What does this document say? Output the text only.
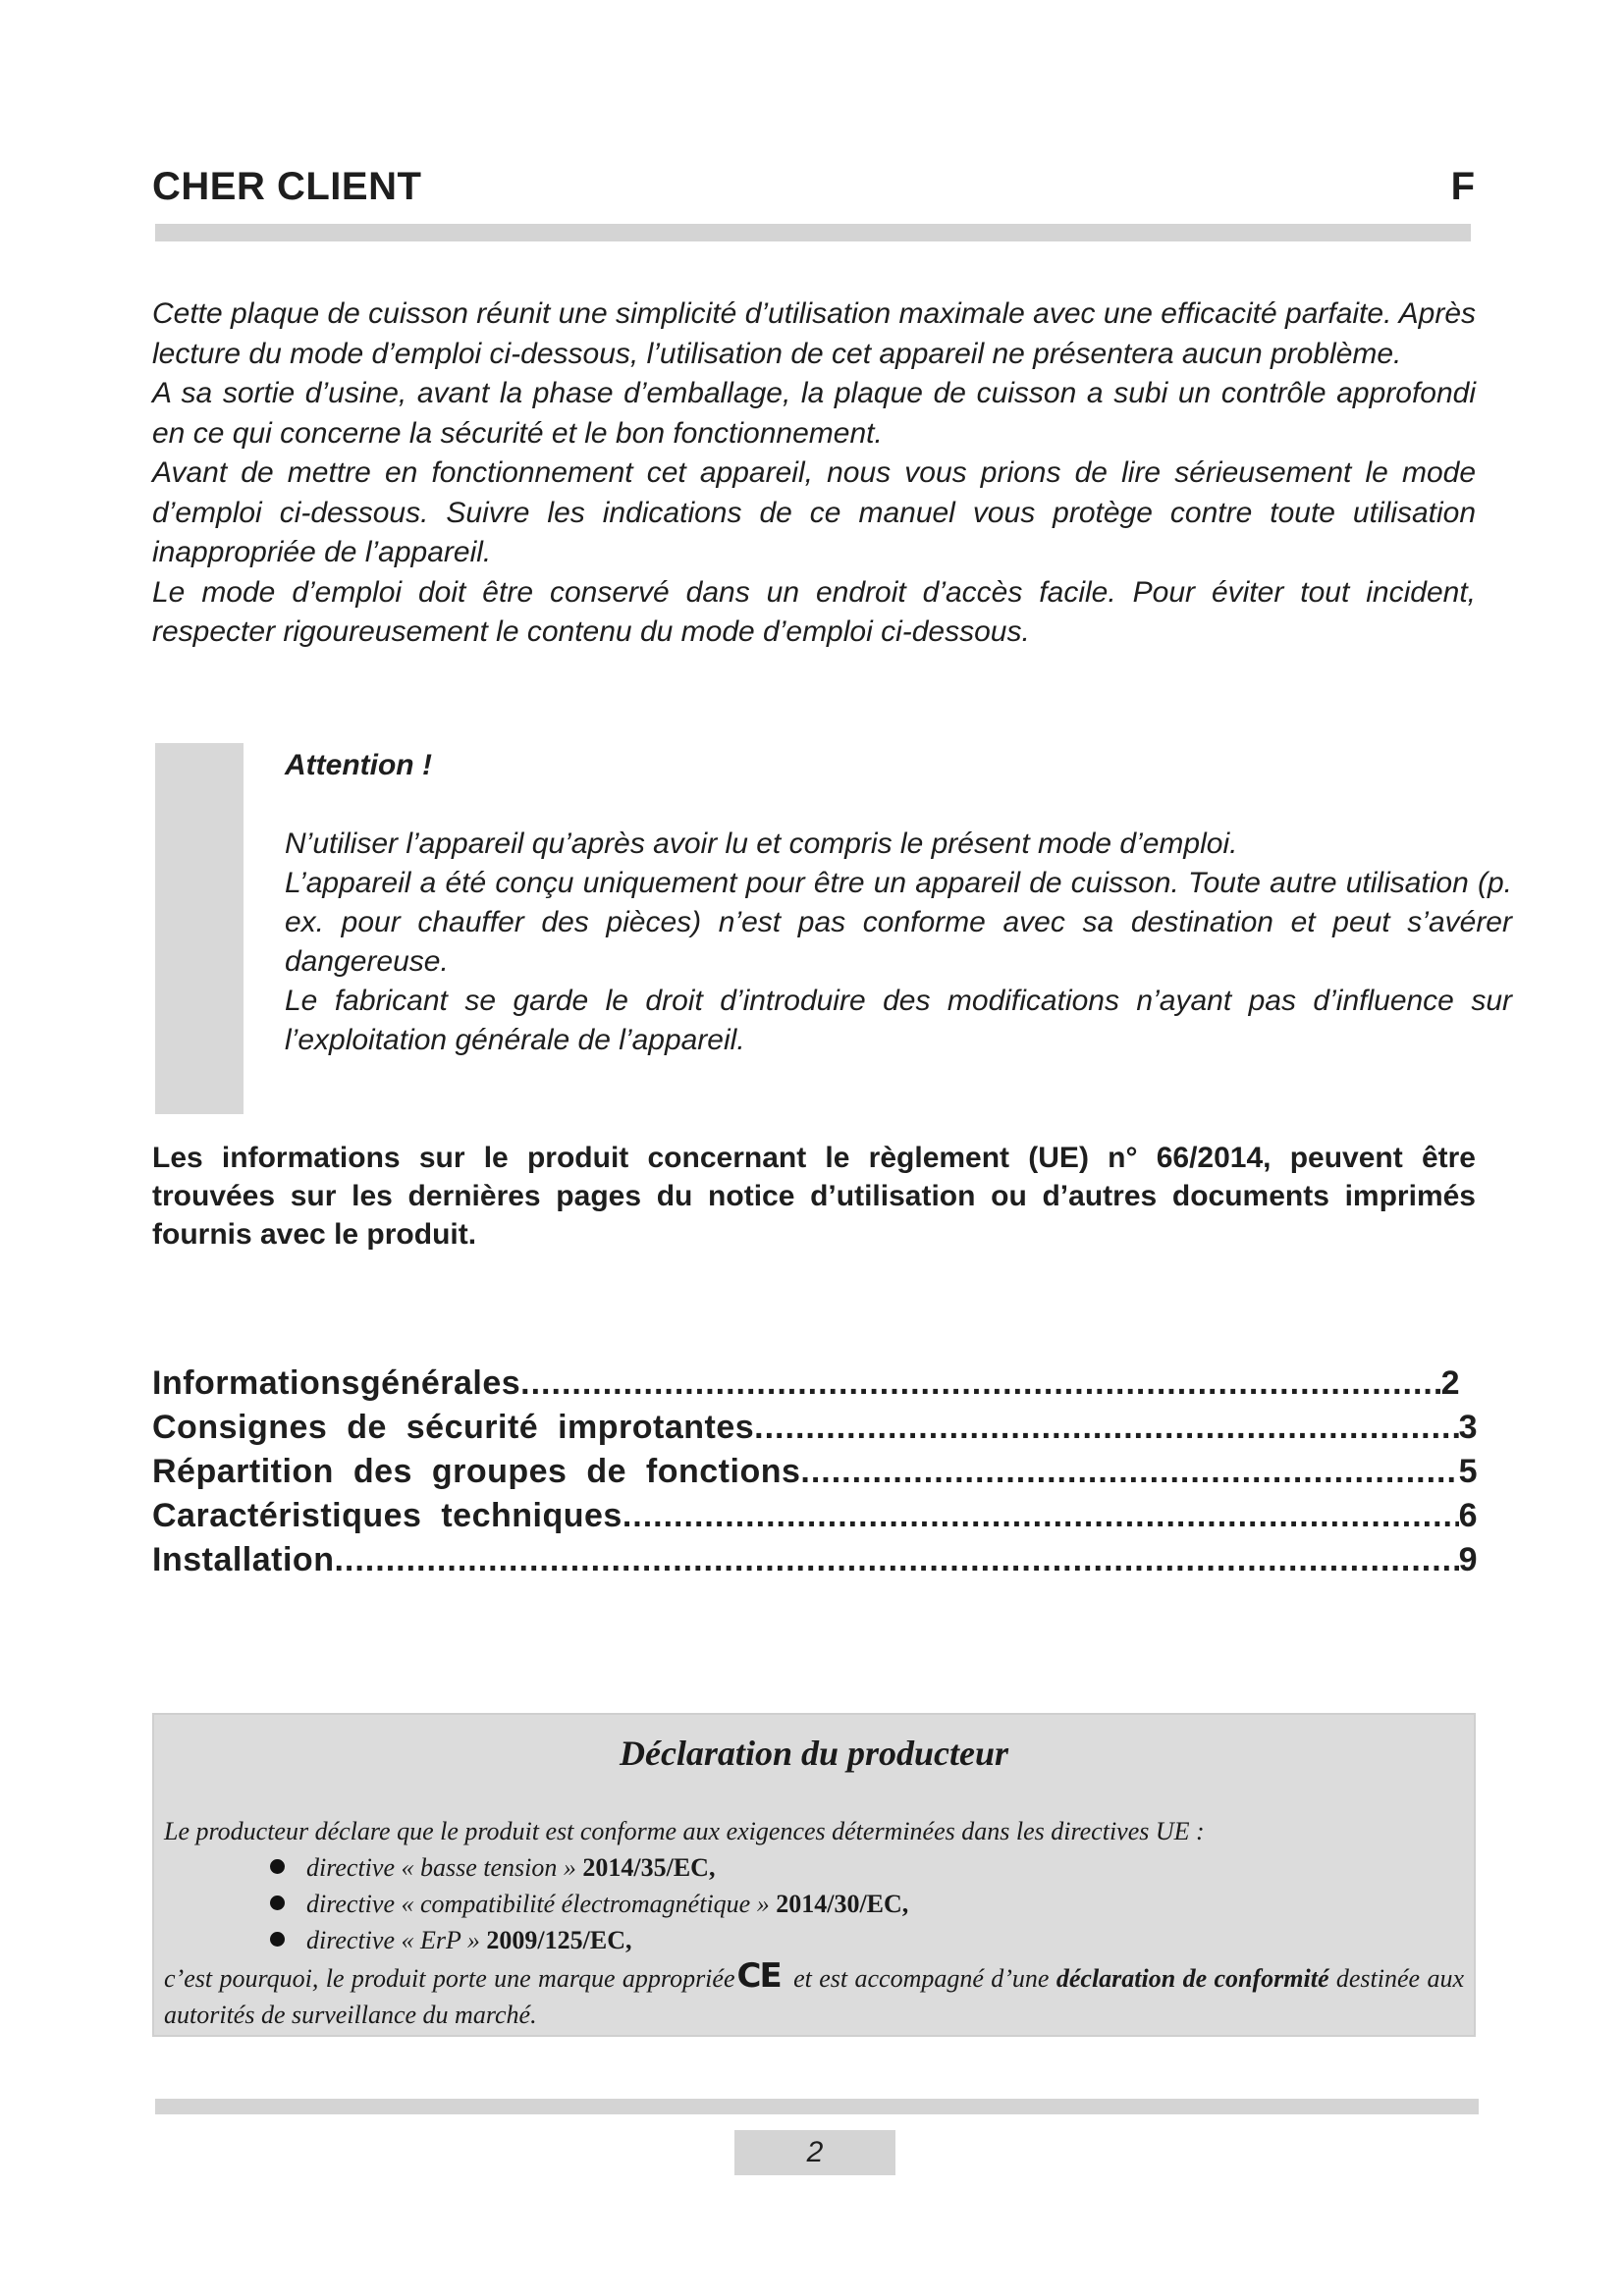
CHER CLIENT	F

Cette plaque de cuisson réunit une simplicité d’utilisation maximale avec une efficacité parfaite. Après lecture du mode d’emploi ci-dessous, l’utilisation de cet appareil ne présentera aucun problème.

A sa sortie d’usine, avant la phase d’emballage, la plaque de cuisson a subi un contrôle approfondi en ce qui concerne la sécurité et le bon fonctionnement.

Avant de mettre en fonctionnement cet appareil, nous vous prions de lire sérieusement le mode d’emploi ci-dessous. Suivre les indications de ce manuel vous protège contre toute utilisation inappropriée de l’appareil.

Le mode d’emploi doit être conservé dans un endroit d’accès facile. Pour éviter tout incident, respecter rigoureusement le contenu du mode d’emploi ci-dessous.

Attention !

N’utiliser l’appareil qu’après avoir lu et compris le présent mode d’emploi.

L’appareil a été conçu uniquement pour être un appareil de cuisson. Toute autre utilisation (p. ex. pour chauffer des pièces) n’est pas conforme avec sa destination et peut s’avérer dangereuse.

Le fabricant se garde le droit d’introduire des modifications n’ayant pas d’influence sur l’exploitation générale de l’appareil.

Les informations sur le produit concernant le règlement (UE) n° 66/2014, peuvent être trouvées sur les dernières pages du notice d’utilisation ou d’autres documents imprimés fournis avec le produit.
Informationsgénérales .....	2
Consignes  de  sécurité  improtantes .....	3
Répartition  des  groupes  de  fonctions .....	5
Caractéristiques  techniques .....	6
Installation .....	9
Déclaration du producteur

Le producteur déclare que le produit est conforme aux exigences déterminées dans les directives UE :

directive « basse tension » 2014/35/EC,

directive « compatibilité électromagnétique » 2014/30/EC,

directive « ErP » 2009/125/EC,

c’est pourquoi, le produit porte une marque appropriéeCE et est accompagné d’une déclaration de conformité destinée aux autorités de surveillance du marché.

2
